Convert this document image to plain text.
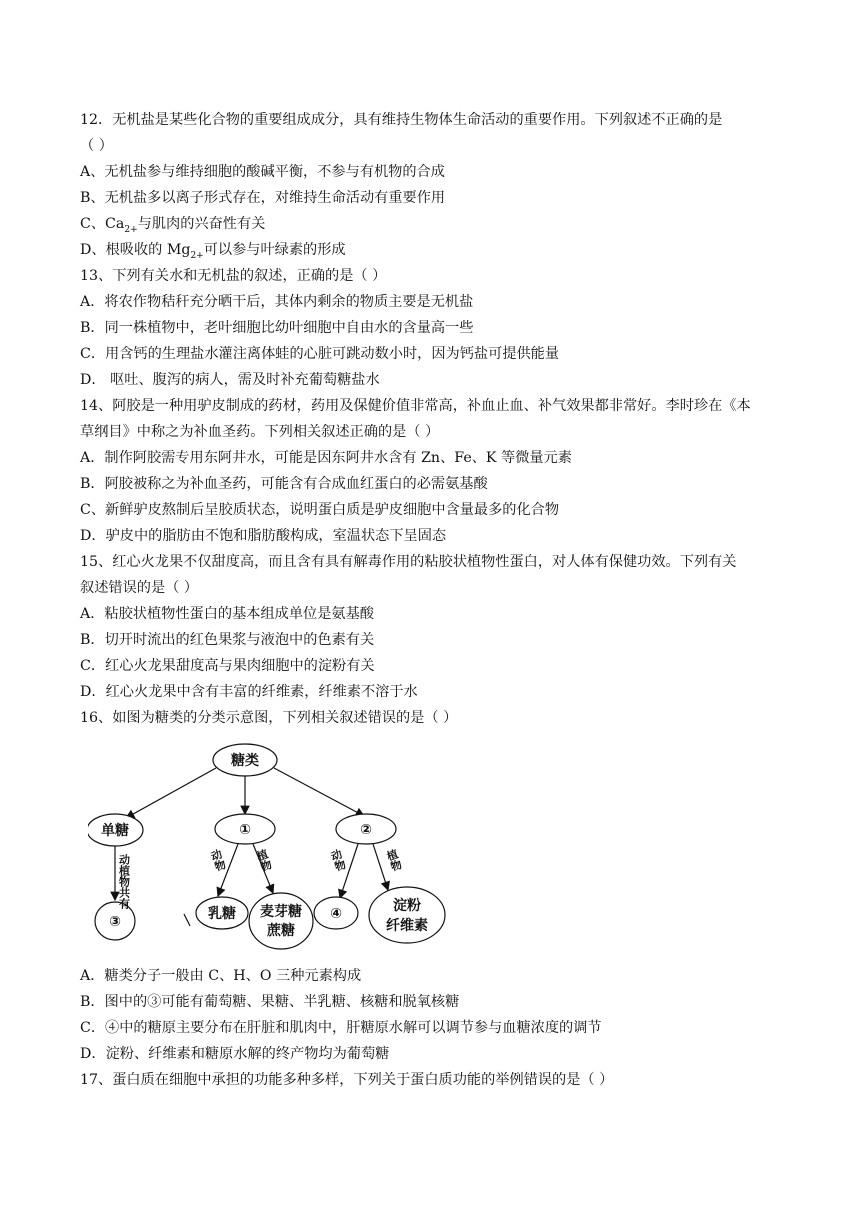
12．无机盐是某些化合物的重要组成成分，具有维持生物体生命活动的重要作用。下列叙述不正确的是
（ ）
A、无机盐参与维持细胞的酸碱平衡，不参与有机物的合成
B、无机盐多以离子形式存在，对维持生命活动有重要作用
C、$Ca_{2+}$与肌肉的兴奋性有关
D、根吸收的 $Mg_{2+}$可以参与叶绿素的形成
13、下列有关水和无机盐的叙述，正确的是（ ）
A．将农作物秸秆充分晒干后，其体内剩余的物质主要是无机盐
B．同一株植物中，老叶细胞比幼叶细胞中自由水的含量高一些
C．用含钙的生理盐水灌注离体蛙的心脏可跳动数小时，因为钙盐可提供能量
D． 呕吐、腹泻的病人，需及时补充葡萄糖盐水
14、阿胶是一种用驴皮制成的药材，药用及保健价值非常高，补血止血、补气效果都非常好。李时珍在《本
草纲目》中称之为补血圣药。下列相关叙述正确的是（ ）
A．制作阿胶需专用东阿井水，可能是因东阿井水含有 Zn、Fe、K 等微量元素
B．阿胶被称之为补血圣药，可能含有合成血红蛋白的必需氨基酸
C、新鲜驴皮熬制后呈胶质状态，说明蛋白质是驴皮细胞中含量最多的化合物
D．驴皮中的脂肪由不饱和脂肪酸构成，室温状态下呈固态
15、红心火龙果不仅甜度高，而且含有具有解毒作用的粘胶状植物性蛋白，对人体有保健功效。下列有关
叙述错误的是（ ）
A．粘胶状植物性蛋白的基本组成单位是氨基酸
B．切开时流出的红色果浆与液泡中的色素有关
C．红心火龙果甜度高与果肉细胞中的淀粉有关
D．红心火龙果中含有丰富的纤维素，纤维素不溶于水
16、如图为糖类的分类示意图，下列相关叙述错误的是（ ）
糖类
单糖	①	②
③	乳糖 麦芽糖
蔗糖
④	淀粉
纤维素
动植物共有	动物 植物	动物	植物
A．糖类分子一般由 C、H、O 三种元素构成
B．图中的③可能有葡萄糖、果糖、半乳糖、核糖和脱氧核糖
C．④中的糖原主要分布在肝脏和肌肉中，肝糖原水解可以调节参与血糖浓度的调节
D．淀粉、纤维素和糖原水解的终产物均为葡萄糖
17、蛋白质在细胞中承担的功能多种多样，下列关于蛋白质功能的举例错误的是（ ）
